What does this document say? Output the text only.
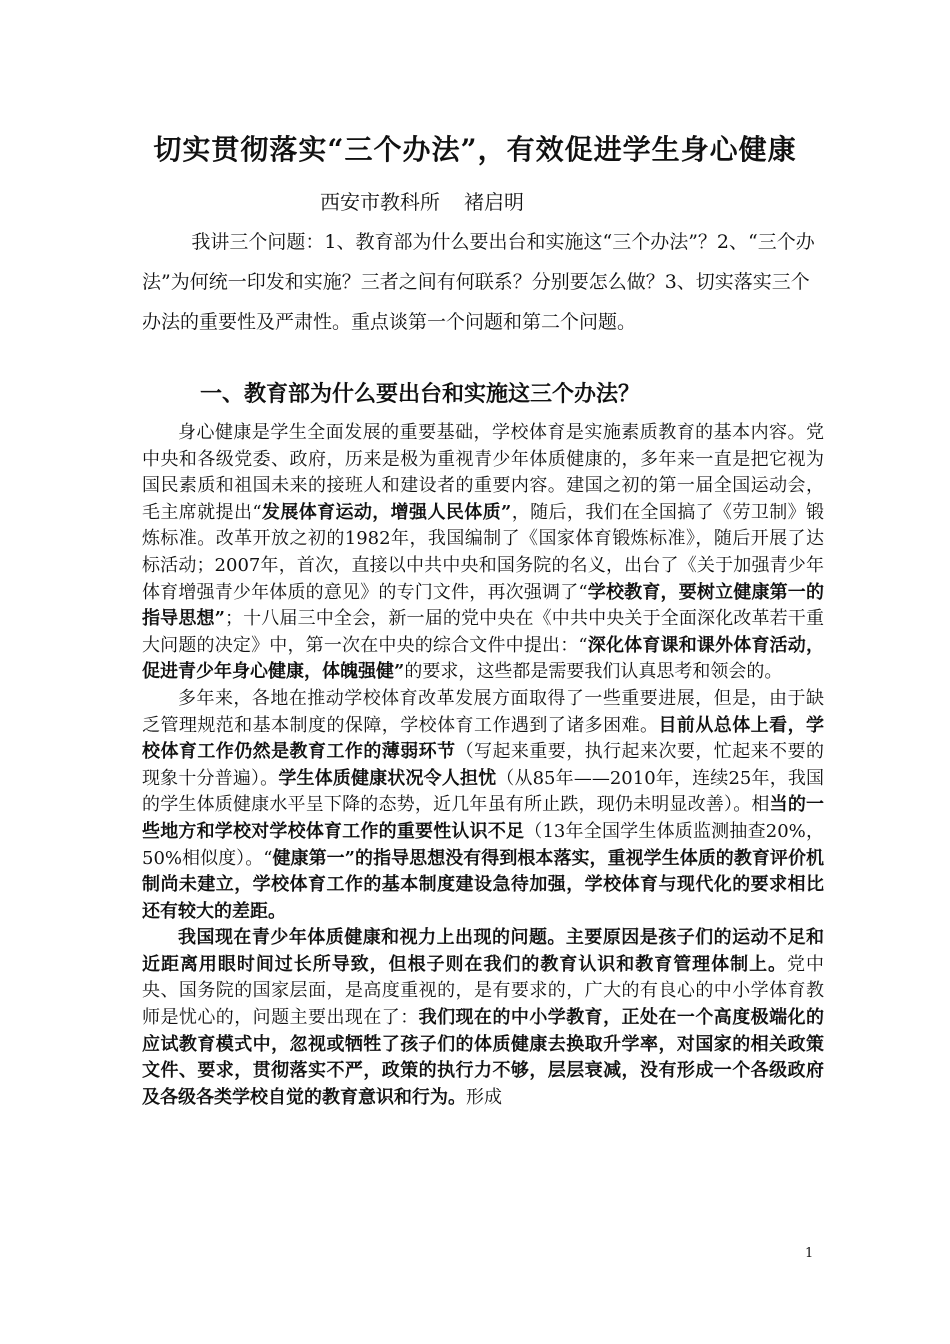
切实贯彻落实“三个办法”，有效促进学生身心健康
西安市教科所 褚启明

我讲三个问题：1、教育部为什么要出台和实施这“三个办法”？2、“三个办法”为何统一印发和实施？三者之间有何联系？分别要怎么做？3、切实落实三个办法的重要性及严肃性。重点谈第一个问题和第二个问题。

一、教育部为什么要出台和实施这三个办法？

身心健康是学生全面发展的重要基础，学校体育是实施素质教育的基本内容。党中央和各级党委、政府，历来是极为重视青少年体质健康的，多年来一直是把它视为国民素质和祖国未来的接班人和建设者的重要内容。建国之初的第一届全国运动会，毛主席就提出“发展体育运动，增强人民体质”，随后，我们在全国搞了《劳卫制》锻炼标准。改革开放之初的1982年，我国编制了《国家体育锻炼标准》，随后开展了达标活动；2007年，首次，直接以中共中央和国务院的名义，出台了《关于加强青少年体育增强青少年体质的意见》的专门文件，再次强调了“学校教育，要树立健康第一的指导思想”；十八届三中全会，新一届的党中央在《中共中央关于全面深化改革若干重大问题的决定》中，第一次在中央的综合文件中提出：“深化体育课和课外体育活动，促进青少年身心健康，体魄强健”的要求，这些都是需要我们认真思考和领会的。

多年来，各地在推动学校体育改革发展方面取得了一些重要进展，但是，由于缺乏管理规范和基本制度的保障，学校体育工作遇到了诸多困难。目前从总体上看，学校体育工作仍然是教育工作的薄弱环节（写起来重要，执行起来次要，忙起来不要的现象十分普遍）。学生体质健康状况令人担忧（从85年——2010年，连续25年，我国的学生体质健康水平呈下降的态势，近几年虽有所止跌，现仍未明显改善）。相当的一些地方和学校对学校体育工作的重要性认识不足（13年全国学生体质监测抽查20%，50%相似度）。“健康第一”的指导思想没有得到根本落实，重视学生体质的教育评价机制尚未建立，学校体育工作的基本制度建设急待加强，学校体育与现代化的要求相比还有较大的差距。

我国现在青少年体质健康和视力上出现的问题。主要原因是孩子们的运动不足和近距离用眼时间过长所导致，但根子则在我们的教育认识和教育管理体制上。党中央、国务院的国家层面，是高度重视的，是有要求的，广大的有良心的中小学体育教师是忧心的，问题主要出现在了：我们现在的中小学教育，正处在一个高度极端化的应试教育模式中，忽视或牺牲了孩子们的体质健康去换取升学率，对国家的相关政策文件、要求，贯彻落实不严，政策的执行力不够，层层衰减，没有形成一个各级政府及各级各类学校自觉的教育意识和行为。形成

1
